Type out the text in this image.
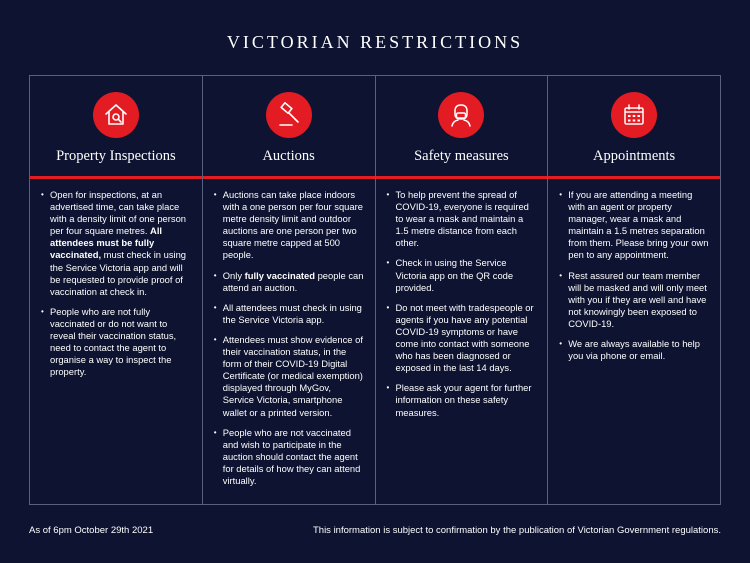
VICTORIAN RESTRICTIONS
Property Inspections
• Open for inspections, at an advertised time, can take place with a density limit of one person per four square metres. All attendees must be fully vaccinated, must check in using the Service Victoria app and will be requested to provide proof of vaccination at check in.
• People who are not fully vaccinated or do not want to reveal their vaccination status, need to contact the agent to organise a way to inspect the property.
Auctions
• Auctions can take place indoors with a one person per four square metre density limit and outdoor auctions are one person per two square metre capped at 500 people.
• Only fully vaccinated people can attend an auction.
• All attendees must check in using the Service Victoria app.
• Attendees must show evidence of their vaccination status, in the form of their COVID-19 Digital Certificate (or medical exemption) displayed through MyGov, Service Victoria, smartphone wallet or a printed version.
• People who are not vaccinated and wish to participate in the auction should contact the agent for details of how they can attend virtually.
Safety measures
• To help prevent the spread of COVID-19, everyone is required to wear a mask and maintain a 1.5 metre distance from each other.
• Check in using the Service Victoria app on the QR code provided.
• Do not meet with tradespeople or agents if you have any potential COVID-19 symptoms or have come into contact with someone who has been diagnosed or exposed in the last 14 days.
• Please ask your agent for further information on these safety measures.
Appointments
• If you are attending a meeting with an agent or property manager, wear a mask and maintain a 1.5 metres separation from them. Please bring your own pen to any appointment.
• Rest assured our team member will be masked and will only meet with you if they are well and have not knowingly been exposed to COVID-19.
• We are always available to help you via phone or email.
As of 6pm October 29th 2021	This information is subject to confirmation by the publication of Victorian Government regulations.
